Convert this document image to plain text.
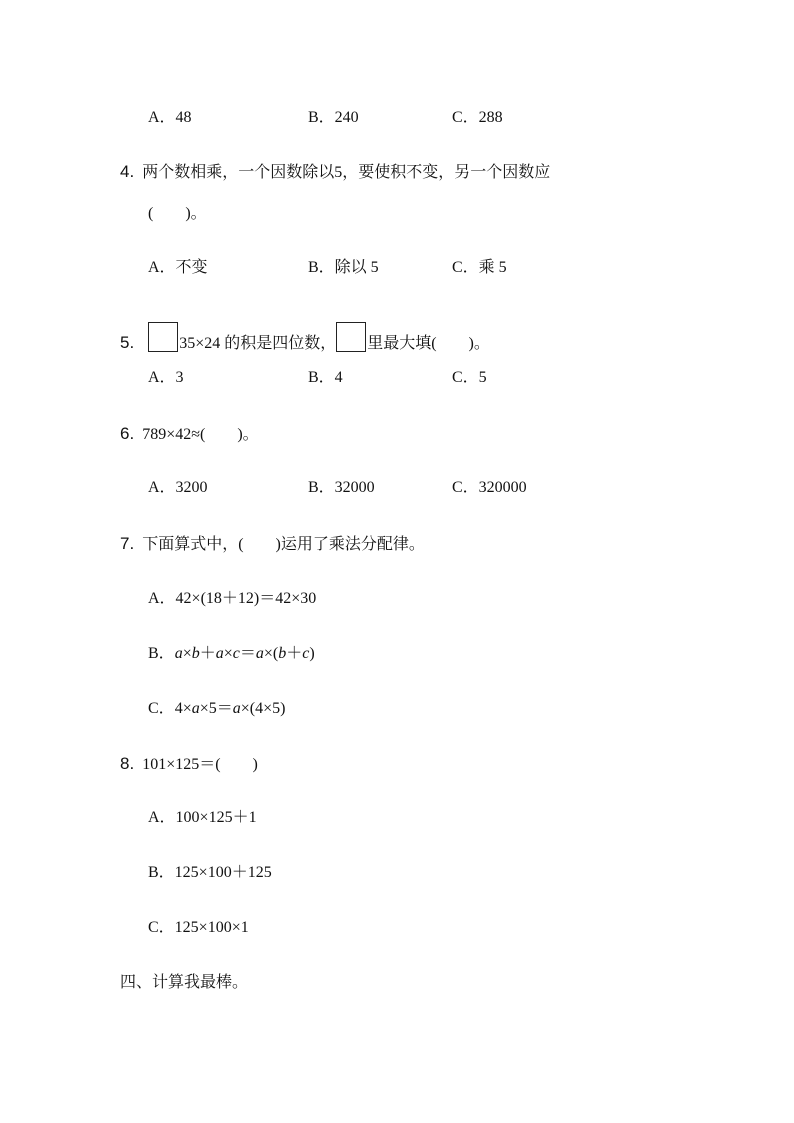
A．48	B．240	C．288
4. 两个数相乘，一个因数除以5，要使积不变，另一个因数应
(　　)。
A．不变	B．除以 5	C．乘 5
5.	35×24 的积是四位数， 里最大填(　　)。
A．3	B．4	C．5
6. 789×42≈(　　)。
A．3200	B．32000	C．320000
7. 下面算式中，(　　)运用了乘法分配律。
A．42×(18＋12)＝42×30
B．a×b＋a×c＝a×(b＋c)
C．4×a×5＝a×(4×5)
8. 101×125＝(　　)
A．100×125＋1
B．125×100＋125
C．125×100×1
四、计算我最棒。
